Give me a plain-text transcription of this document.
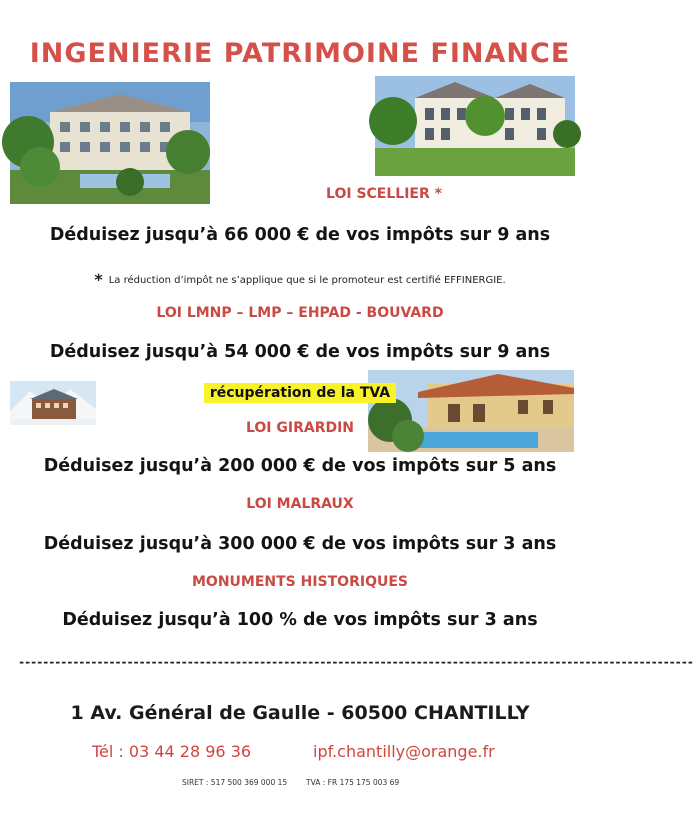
INGENIERIE PATRIMOINE FINANCE
LOI SCELLIER *
Déduisez jusqu’à 66 000 € de vos impôts sur 9 ans
* La réduction d’impôt ne s’applique que si le promoteur est certifié EFFINERGIE.
LOI LMNP – LMP – EHPAD - BOUVARD
Déduisez jusqu’à 54 000 € de vos impôts sur 9 ans
récupération de la TVA
LOI GIRARDIN
Déduisez jusqu’à 200 000 € de vos impôts sur 5 ans
LOI MALRAUX
Déduisez jusqu’à 300 000 € de vos impôts sur 3 ans
MONUMENTS HISTORIQUES
Déduisez jusqu’à 100 % de vos impôts sur 3 ans
----------------------------------------------------------------------------------------------------------------
1 Av. Général de Gaulle - 60500 CHANTILLY
Tél : 03 44 28 96 36	ipf.chantilly@orange.fr
SIRET : 517 500 369 000 15	TVA : FR 175 175 003 69
